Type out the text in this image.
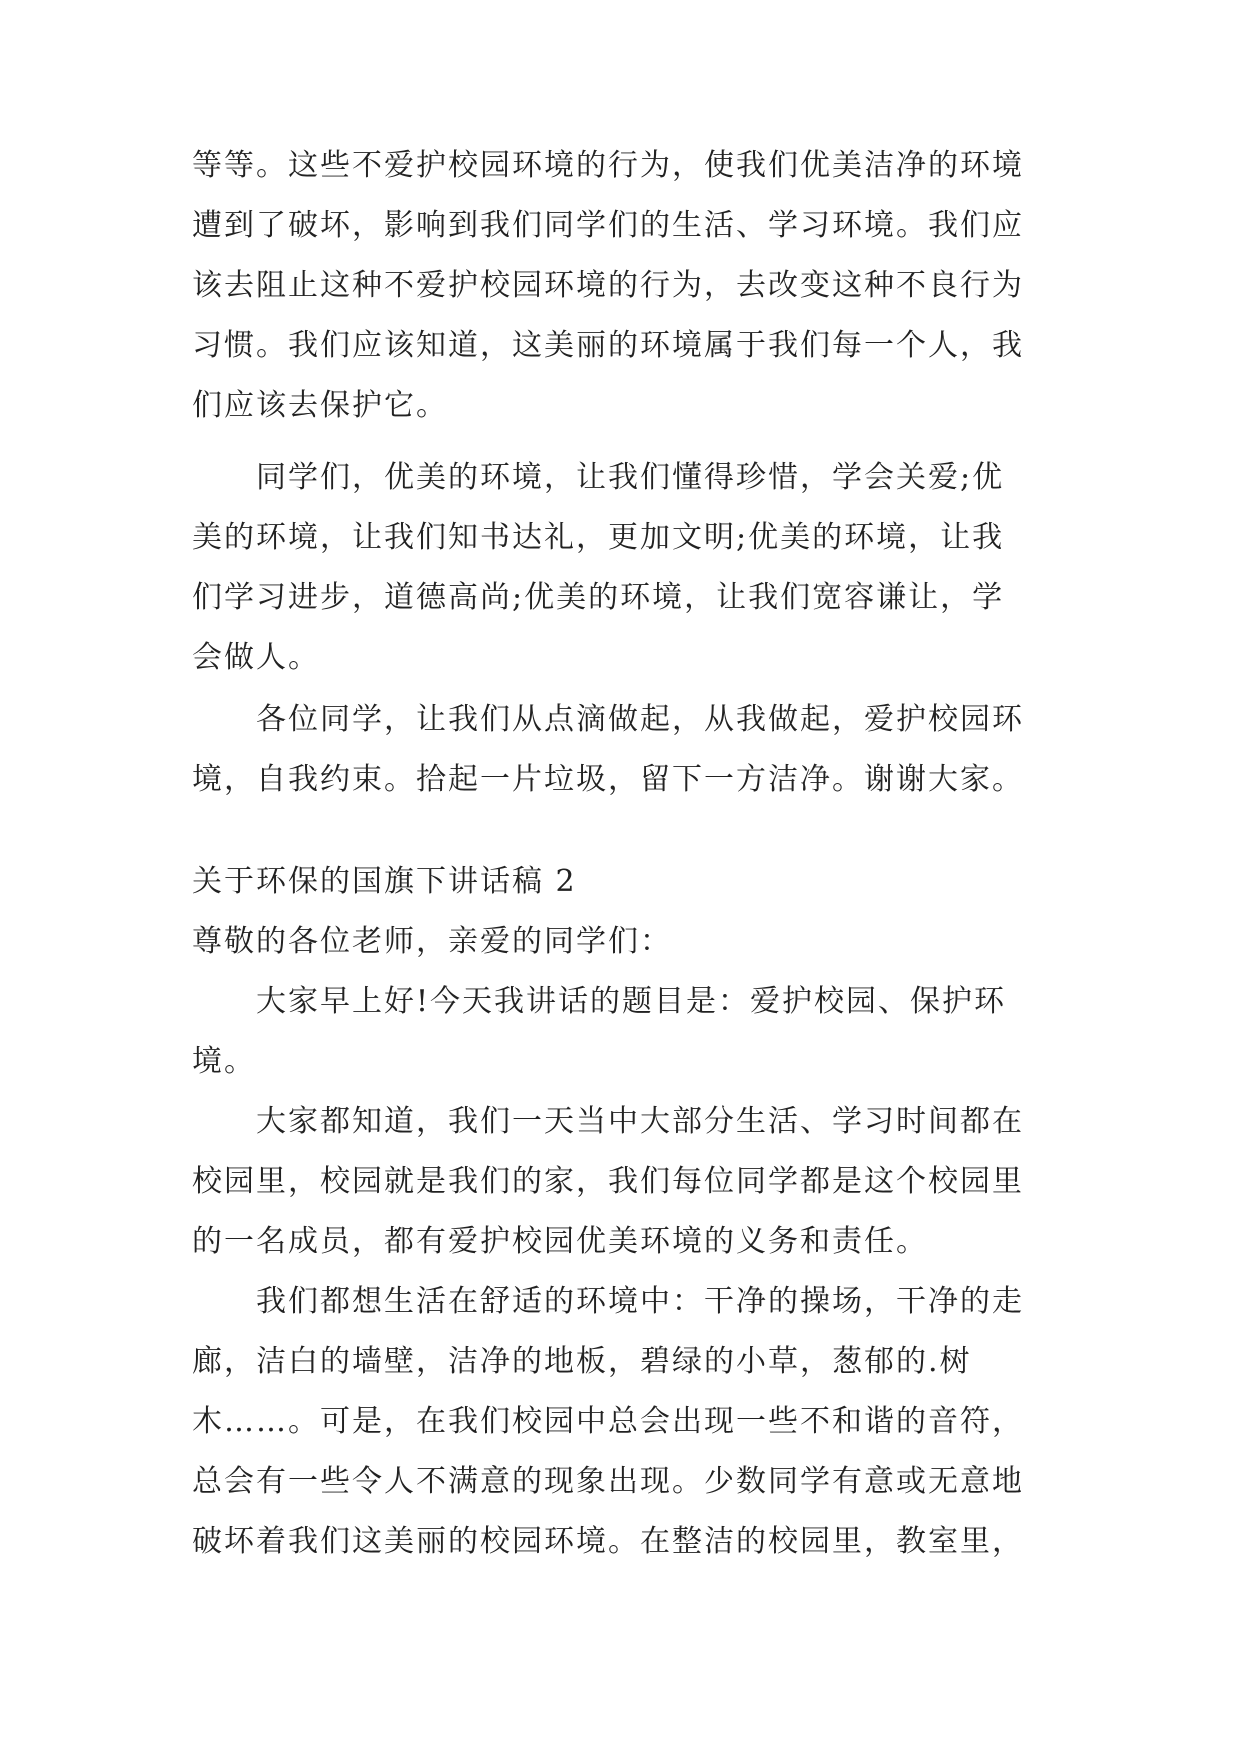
等等。这些不爱护校园环境的行为，使我们优美洁净的环境
遭到了破坏，影响到我们同学们的生活、学习环境。我们应
该去阻止这种不爱护校园环境的行为，去改变这种不良行为
习惯。我们应该知道，这美丽的环境属于我们每一个人，我
们应该去保护它。
同学们，优美的环境，让我们懂得珍惜，学会关爱;优
美的环境，让我们知书达礼，更加文明;优美的环境，让我
们学习进步，道德高尚;优美的环境，让我们宽容谦让，学
会做人。
各位同学，让我们从点滴做起，从我做起，爱护校园环
境，自我约束。拾起一片垃圾，留下一方洁净。谢谢大家。
关于环保的国旗下讲话稿 2
尊敬的各位老师，亲爱的同学们：
大家早上好!今天我讲话的题目是：爱护校园、保护环
境。
大家都知道，我们一天当中大部分生活、学习时间都在
校园里，校园就是我们的家，我们每位同学都是这个校园里
的一名成员，都有爱护校园优美环境的义务和责任。
我们都想生活在舒适的环境中：干净的操场，干净的走
廊，洁白的墙壁，洁净的地板，碧绿的小草，葱郁的.树
木……。可是，在我们校园中总会出现一些不和谐的音符，
总会有一些令人不满意的现象出现。少数同学有意或无意地
破坏着我们这美丽的校园环境。在整洁的校园里，教室里，
